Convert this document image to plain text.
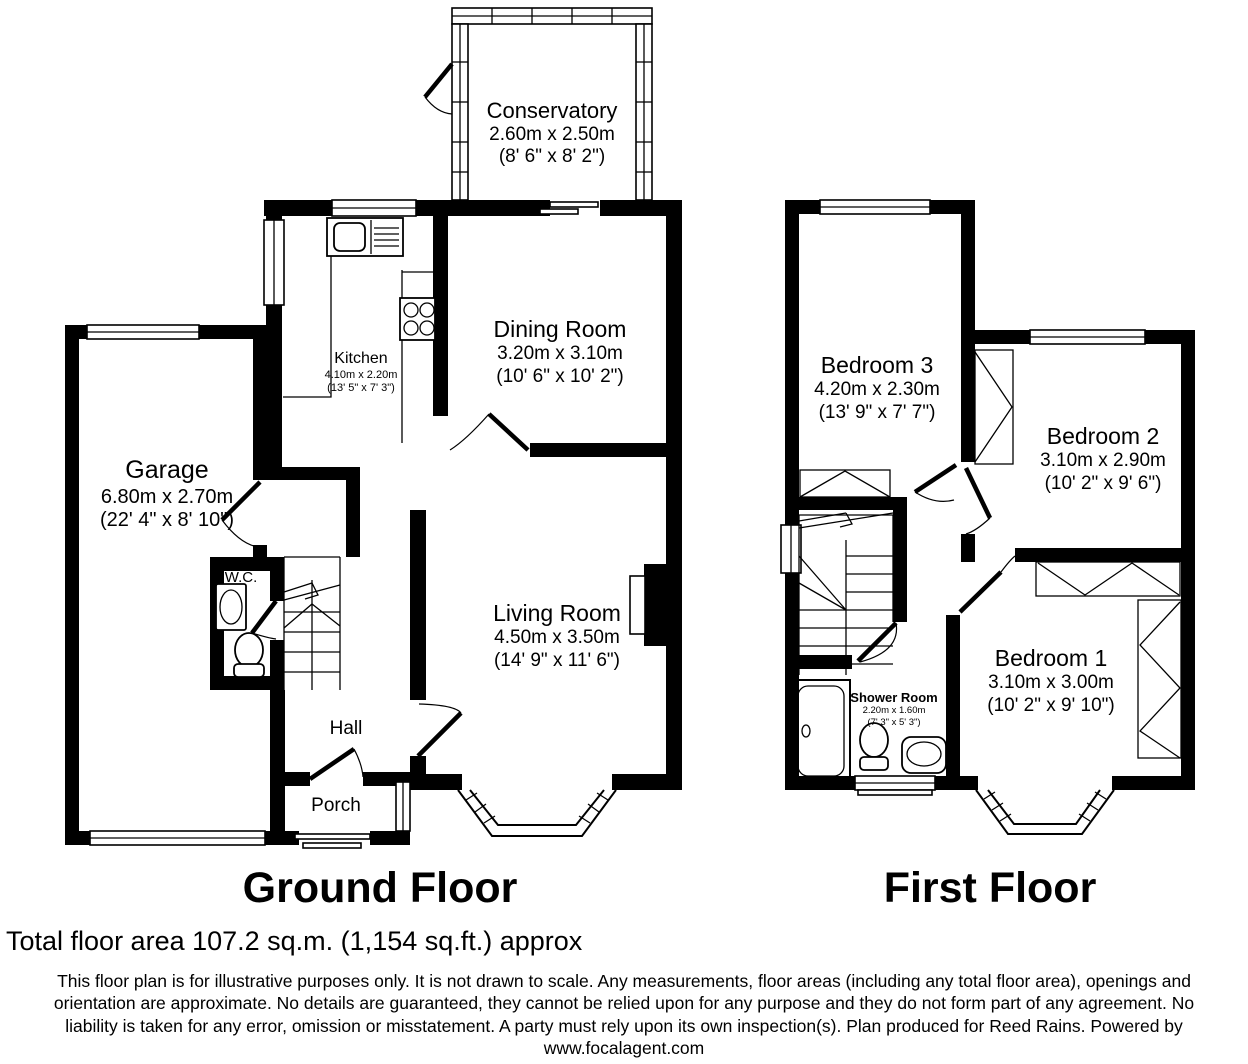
Conservatory
2.60m x 2.50m
(8' 6" x 8' 2")
Kitchen
4.10m x 2.20m
(13' 5" x 7' 3")
Dining Room
3.20m x 3.10m
(10' 6" x 10' 2")
Garage
6.80m x 2.70m
(22' 4" x 8' 10")
Living Room
4.50m x 3.50m
(14' 9" x 11' 6")
W.C.
Hall
Porch
Bedroom 3
4.20m x 2.30m
(13' 9" x 7' 7")
Bedroom 2
3.10m x 2.90m
(10' 2" x 9' 6")
Bedroom 1
3.10m x 3.00m
(10' 2" x 9' 10")
Shower Room
2.20m x 1.60m
(7' 3" x 5' 3")
Ground Floor	First Floor
Total floor area 107.2 sq.m. (1,154 sq.ft.) approx
This floor plan is for illustrative purposes only. It is not drawn to scale. Any measurements, floor areas (including any total floor area), openings and
orientation are approximate. No details are guaranteed, they cannot be relied upon for any purpose and they do not form part of any agreement. No
liability is taken for any error, omission or misstatement. A party must rely upon its own inspection(s). Plan produced for Reed Rains. Powered by
www.focalagent.com
